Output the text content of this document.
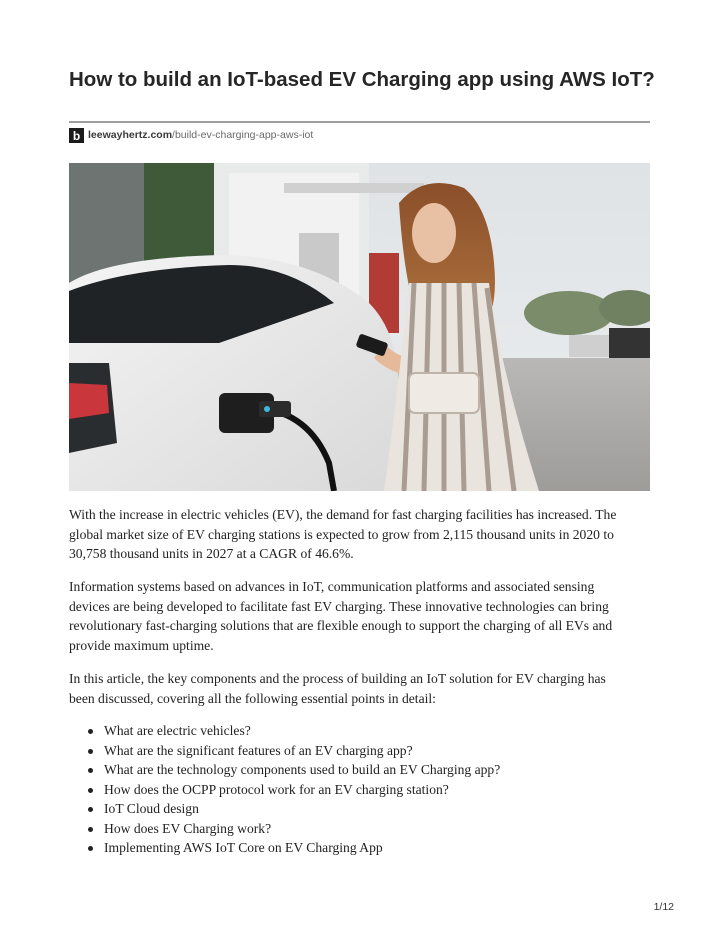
How to build an IoT-based EV Charging app using AWS IoT?
b leewayhertz.com/build-ev-charging-app-aws-iot

With the increase in electric vehicles (EV), the demand for fast charging facilities has increased. The global market size of EV charging stations is expected to grow from 2,115 thousand units in 2020 to 30,758 thousand units in 2027 at a CAGR of 46.6%.

Information systems based on advances in IoT, communication platforms and associated sensing devices are being developed to facilitate fast EV charging. These innovative technologies can bring revolutionary fast-charging solutions that are flexible enough to support the charging of all EVs and provide maximum uptime.

In this article, the key components and the process of building an IoT solution for EV charging has been discussed, covering all the following essential points in detail:

What are electric vehicles?
What are the significant features of an EV charging app?
What are the technology components used to build an EV Charging app?
How does the OCPP protocol work for an EV charging station?
IoT Cloud design
How does EV Charging work?
Implementing AWS IoT Core on EV Charging App
1/12
